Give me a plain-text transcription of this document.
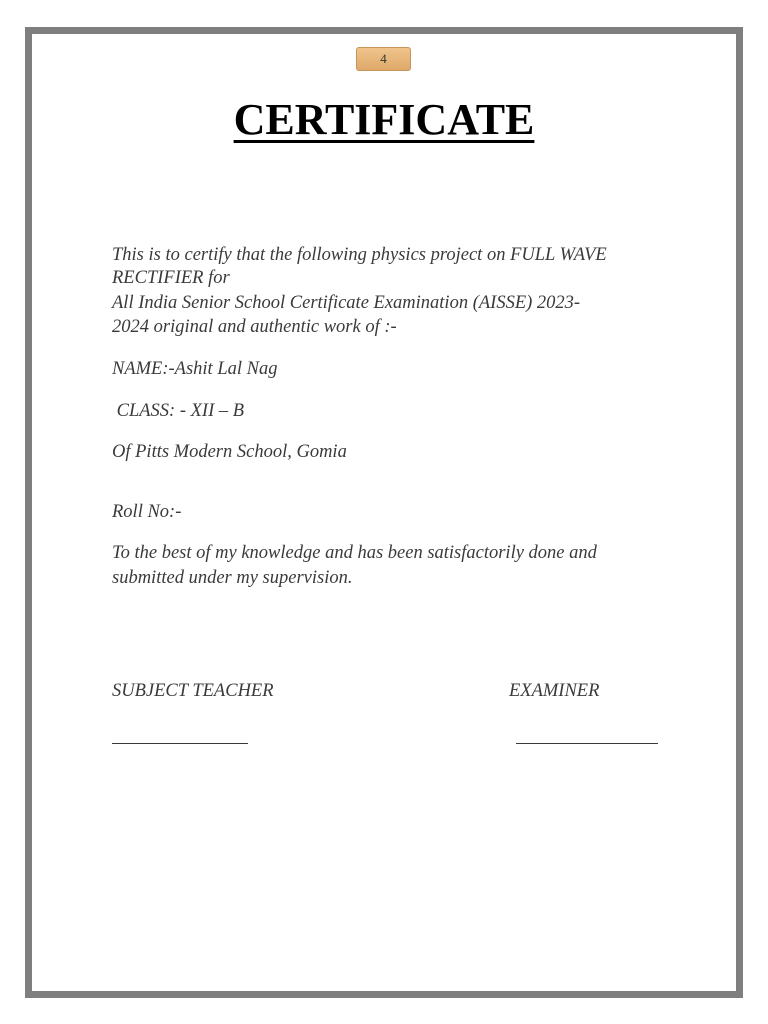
4
CERTIFICATE
This is to certify that the following physics project on FULL WAVE
RECTIFIER for
All India Senior School Certificate Examination (AISSE) 2023-
2024 original and authentic work of :-
NAME:-Ashit Lal Nag
CLASS: - XII – B
Of Pitts Modern School, Gomia
Roll No:-
To the best of my knowledge and has been satisfactorily done and
submitted under my supervision.
SUBJECT TEACHER	EXAMINER
